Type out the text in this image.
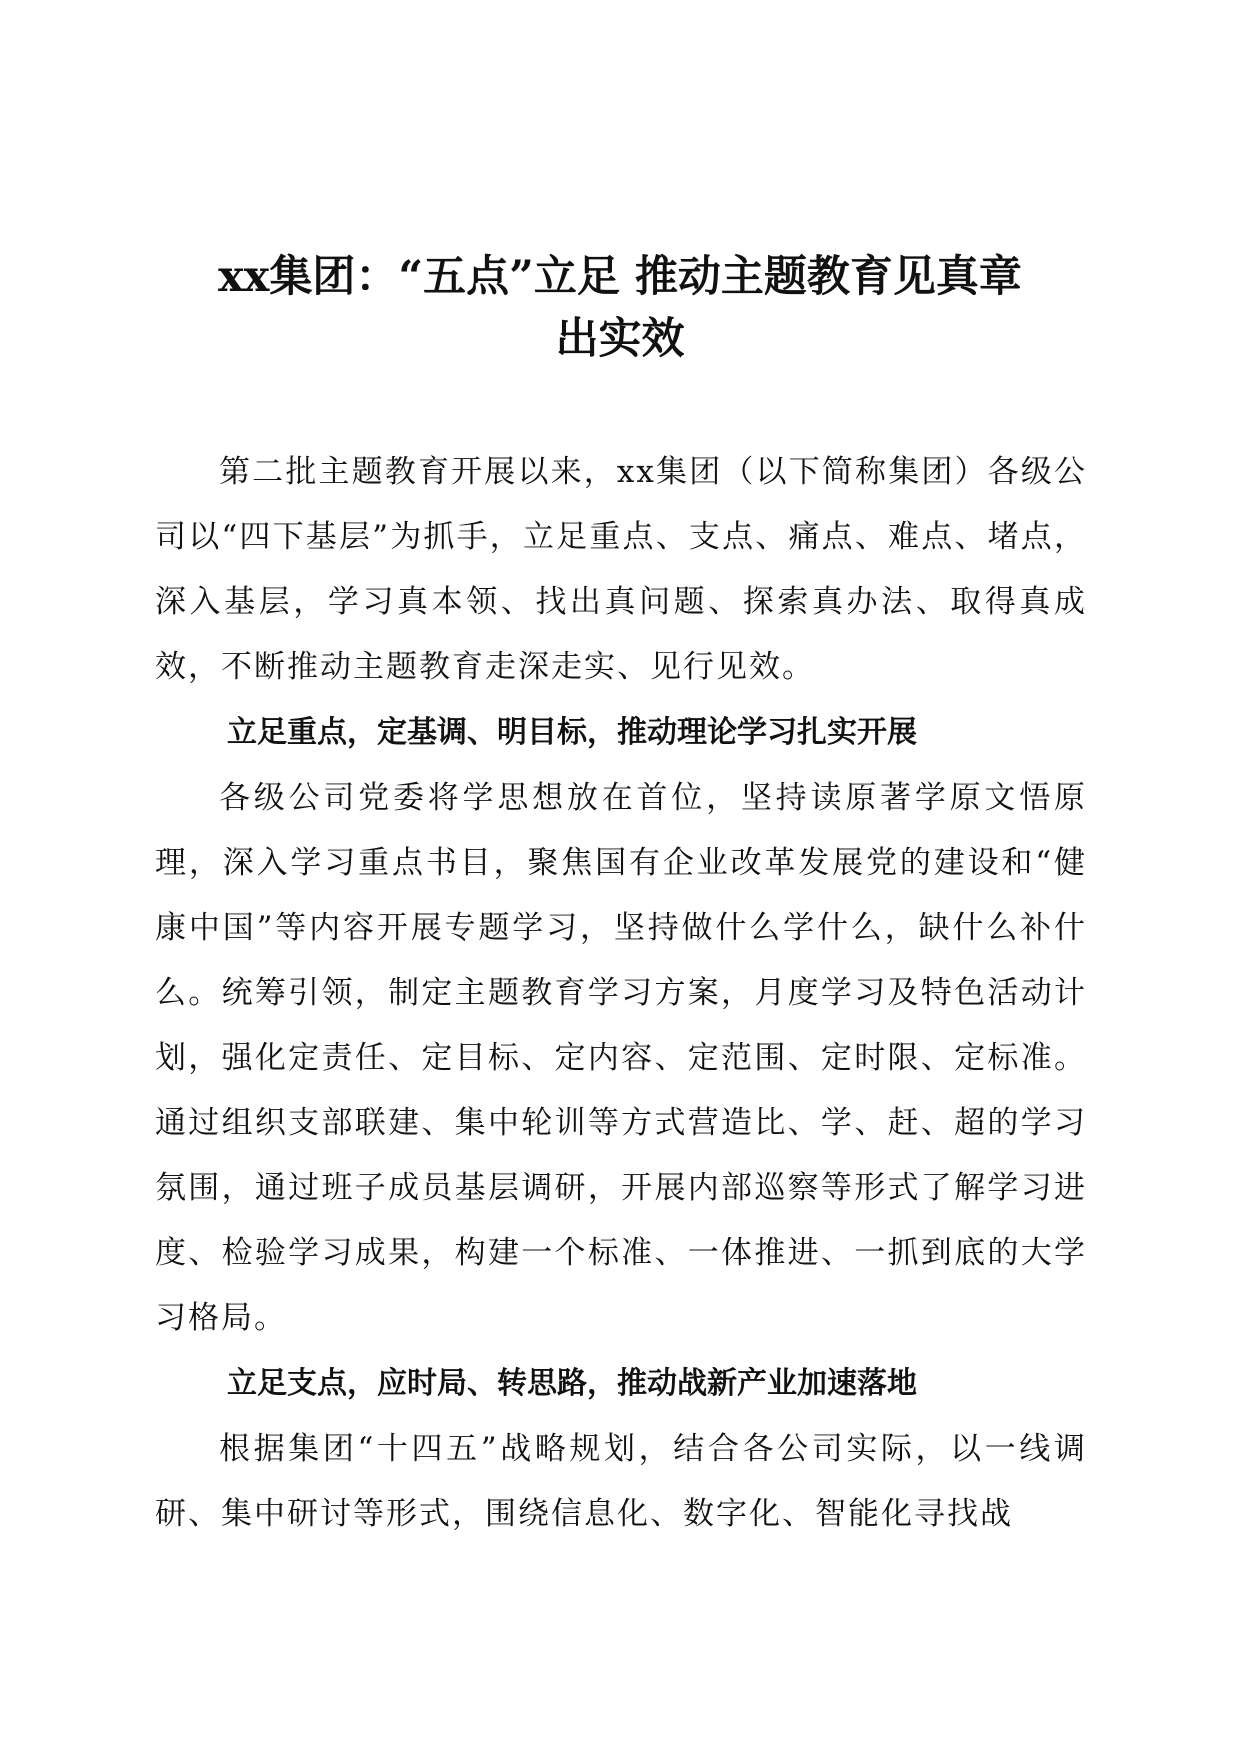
xx集团：“五点”立足 推动主题教育见真章
出实效

第二批主题教育开展以来，xx集团（以下简称集团）各级公司以“四下基层”为抓手，立足重点、支点、痛点、难点、堵点，深入基层，学习真本领、找出真问题、探索真办法、取得真成效，不断推动主题教育走深走实、见行见效。

立足重点，定基调、明目标，推动理论学习扎实开展

各级公司党委将学思想放在首位，坚持读原著学原文悟原理，深入学习重点书目，聚焦国有企业改革发展党的建设和“健康中国”等内容开展专题学习，坚持做什么学什么，缺什么补什么。统筹引领，制定主题教育学习方案，月度学习及特色活动计划，强化定责任、定目标、定内容、定范围、定时限、定标准。通过组织支部联建、集中轮训等方式营造比、学、赶、超的学习氛围，通过班子成员基层调研，开展内部巡察等形式了解学习进度、检验学习成果，构建一个标准、一体推进、一抓到底的大学习格局。

立足支点，应时局、转思路，推动战新产业加速落地

根据集团“十四五”战略规划，结合各公司实际，以一线调研、集中研讨等形式，围绕信息化、数字化、智能化寻找战
